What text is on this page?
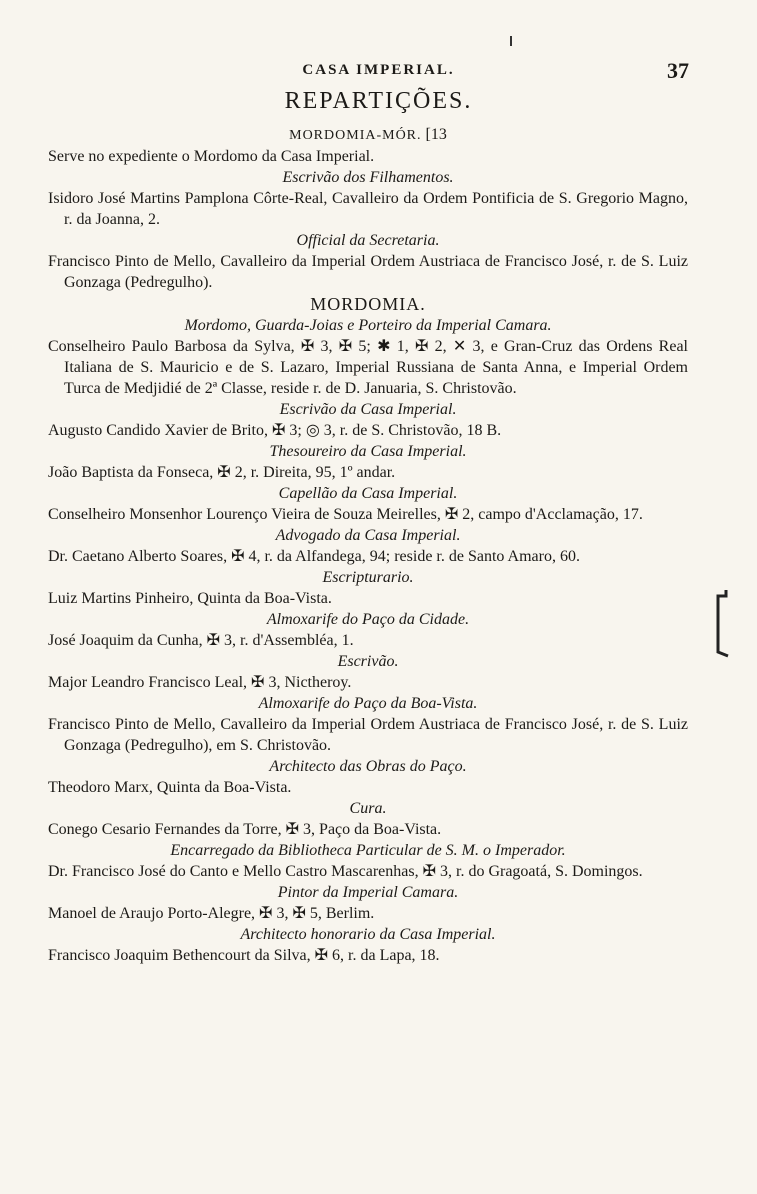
CASA IMPERIAL.	37
REPARTIÇÕES.

MORDOMIA-MÓR. [13

Serve no expediente o Mordomo da Casa Imperial.

Escrivão dos Filhamentos.

Isidoro José Martins Pamplona Côrte-Real, Cavalleiro da Ordem Pontificia de S. Gregorio Magno, r. da Joanna, 2.

Official da Secretaria.

Francisco Pinto de Mello, Cavalleiro da Imperial Ordem Austriaca de Francisco José, r. de S. Luiz Gonzaga (Pedregulho).

MORDOMIA.

Mordomo, Guarda-Joias e Porteiro da Imperial Camara.

Conselheiro Paulo Barbosa da Sylva, ✠ 3, ✠ 5; ✱ 1, ✠ 2, ✕ 3, e Gran-Cruz das Ordens Real Italiana de S. Mauricio e de S. Lazaro, Imperial Russiana de Santa Anna, e Imperial Ordem Turca de Medjidié de 2ª Classe, reside r. de D. Januaria, S. Christovão.

Escrivão da Casa Imperial.

Augusto Candido Xavier de Brito, ✠ 3; ◎ 3, r. de S. Christovão, 18 B.

Thesoureiro da Casa Imperial.

João Baptista da Fonseca, ✠ 2, r. Direita, 95, 1º andar.

Capellão da Casa Imperial.

Conselheiro Monsenhor Lourenço Vieira de Souza Meirelles, ✠ 2, campo d'Acclamação, 17.

Advogado da Casa Imperial.

Dr. Caetano Alberto Soares, ✠ 4, r. da Alfandega, 94; reside r. de Santo Amaro, 60.

Escripturario.

Luiz Martins Pinheiro, Quinta da Boa-Vista.

Almoxarife do Paço da Cidade.

José Joaquim da Cunha, ✠ 3, r. d'Assembléa, 1.

Escrivão.

Major Leandro Francisco Leal, ✠ 3, Nictheroy.

Almoxarife do Paço da Boa-Vista.

Francisco Pinto de Mello, Cavalleiro da Imperial Ordem Austriaca de Francisco José, r. de S. Luiz Gonzaga (Pedregulho), em S. Christovão.

Architecto das Obras do Paço.

Theodoro Marx, Quinta da Boa-Vista.

Cura.

Conego Cesario Fernandes da Torre, ✠ 3, Paço da Boa-Vista.

Encarregado da Bibliotheca Particular de S. M. o Imperador.

Dr. Francisco José do Canto e Mello Castro Mascarenhas, ✠ 3, r. do Gragoatá, S. Domingos.

Pintor da Imperial Camara.

Manoel de Araujo Porto-Alegre, ✠ 3, ✠ 5, Berlim.

Architecto honorario da Casa Imperial.

Francisco Joaquim Bethencourt da Silva, ✠ 6, r. da Lapa, 18.
